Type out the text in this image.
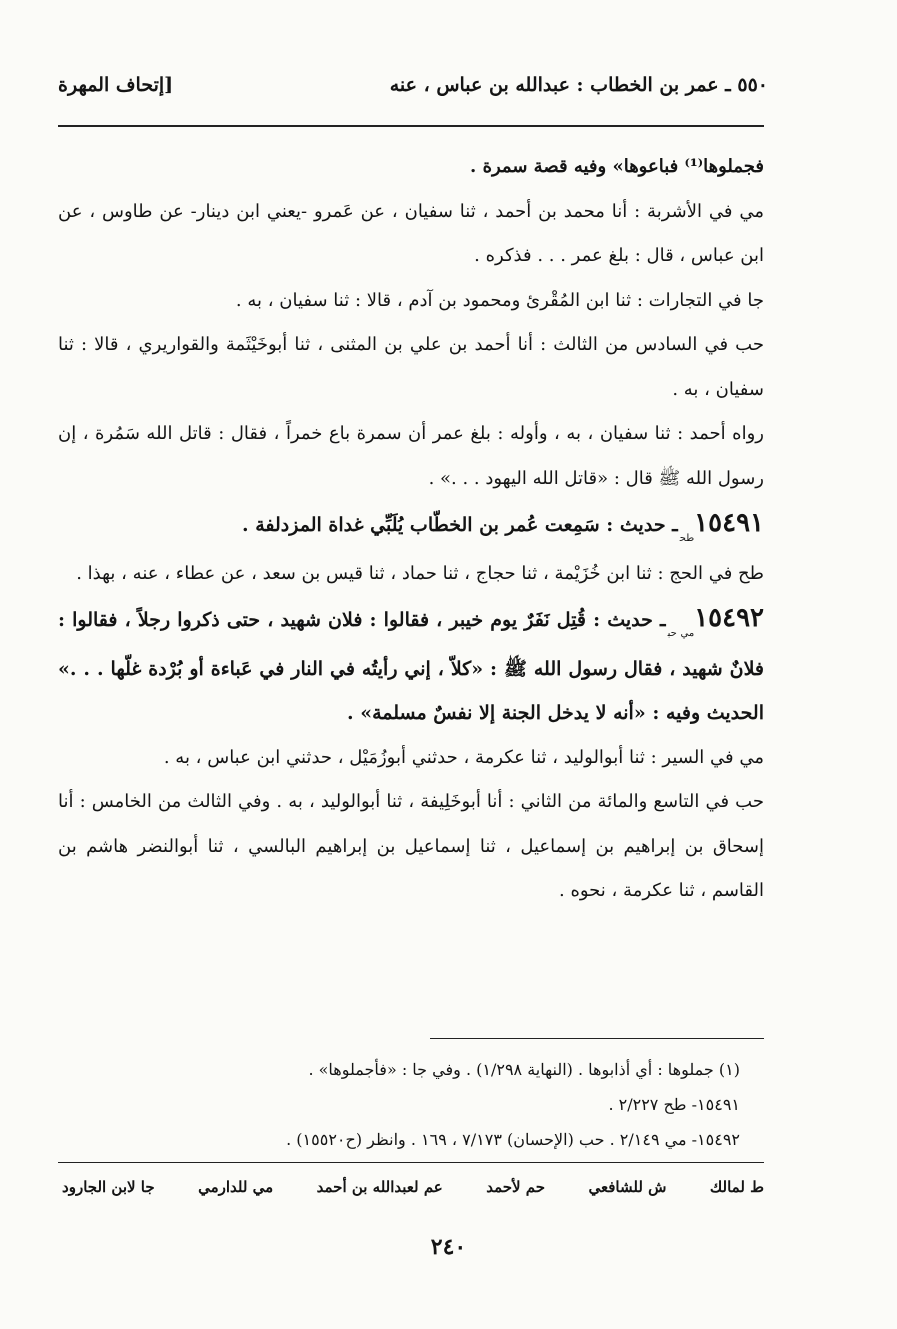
٥٥٠ ـ عمر بن الخطاب : عبدالله بن عباس ، عنه
[إتحاف المهرة

فجملوها⁽¹⁾ فباعوها» وفيه قصة سمرة .

مي في الأشربة : أنا محمد بن أحمد ، ثنا سفيان ، عن عَمرو -يعني ابن دينار- عن طاوس ، عن ابن عباس ، قال : بلغ عمر . . . فذكره .

جا في التجارات : ثنا ابن المُقْرئ ومحمود بن آدم ، قالا : ثنا سفيان ، به .

حب في السادس من الثالث : أنا أحمد بن علي بن المثنى ، ثنا أبوخَيْثَمة والقواريري ، قالا : ثنا سفيان ، به .

رواه أحمد : ثنا سفيان ، به ، وأوله : بلغ عمر أن سمرة باع خمراً ، فقال : قاتل الله سَمُرة ، إن رسول الله ﷺ قال : «قاتل الله اليهود . . .» .

$١٥٤٩١_{طح}ـ$ حديث : سَمِعت عُمر بن الخطّاب يُلَبِّي غداة المزدلفة .

طح في الحج : ثنا ابن خُزَيْمة ، ثنا حجاج ، ثنا حماد ، ثنا قيس بن سعد ، عن عطاء ، عنه ، بهذا .

$١٥٤٩٢_{مي حب}ـ$ حديث : قُتِل نَفَرٌ يوم خيبر ، فقالوا : فلان شهيد ، حتى ذكروا رجلاً ، فقالوا : فلانٌ شهيد ، فقال رسول الله ﷺ : «كلاّ ، إني رأيتُه في النار في عَباءة أو بُرْدة غلّها . . .» الحديث وفيه : «أنه لا يدخل الجنة إلا نفسٌ مسلمة» .

مي في السير : ثنا أبوالوليد ، ثنا عكرمة ، حدثني أبوزُمَيْل ، حدثني ابن عباس ، به .

حب في التاسع والمائة من الثاني : أنا أبوخَلِيفة ، ثنا أبوالوليد ، به . وفي الثالث من الخامس : أنا إسحاق بن إبراهيم بن إسماعيل ، ثنا إسماعيل بن إبراهيم البالسي ، ثنا أبوالنضر هاشم بن القاسم ، ثنا عكرمة ، نحوه .

(١) جملوها : أي أذابوها . (النهاية ١/٢٩٨) . وفي جا : «فأجملوها» .
١٥٤٩١- طح ٢/٢٢٧ .
١٥٤٩٢- مي ٢/١٤٩ . حب (الإحسان) ٧/١٧٣ ، ١٦٩ . وانظر (ح١٥٥٢٠) .
ط لمالك
ش للشافعي
حم لأحمد
عم لعبدالله بن أحمد
مي للدارمي
جا لابن الجارود
٢٤٠
